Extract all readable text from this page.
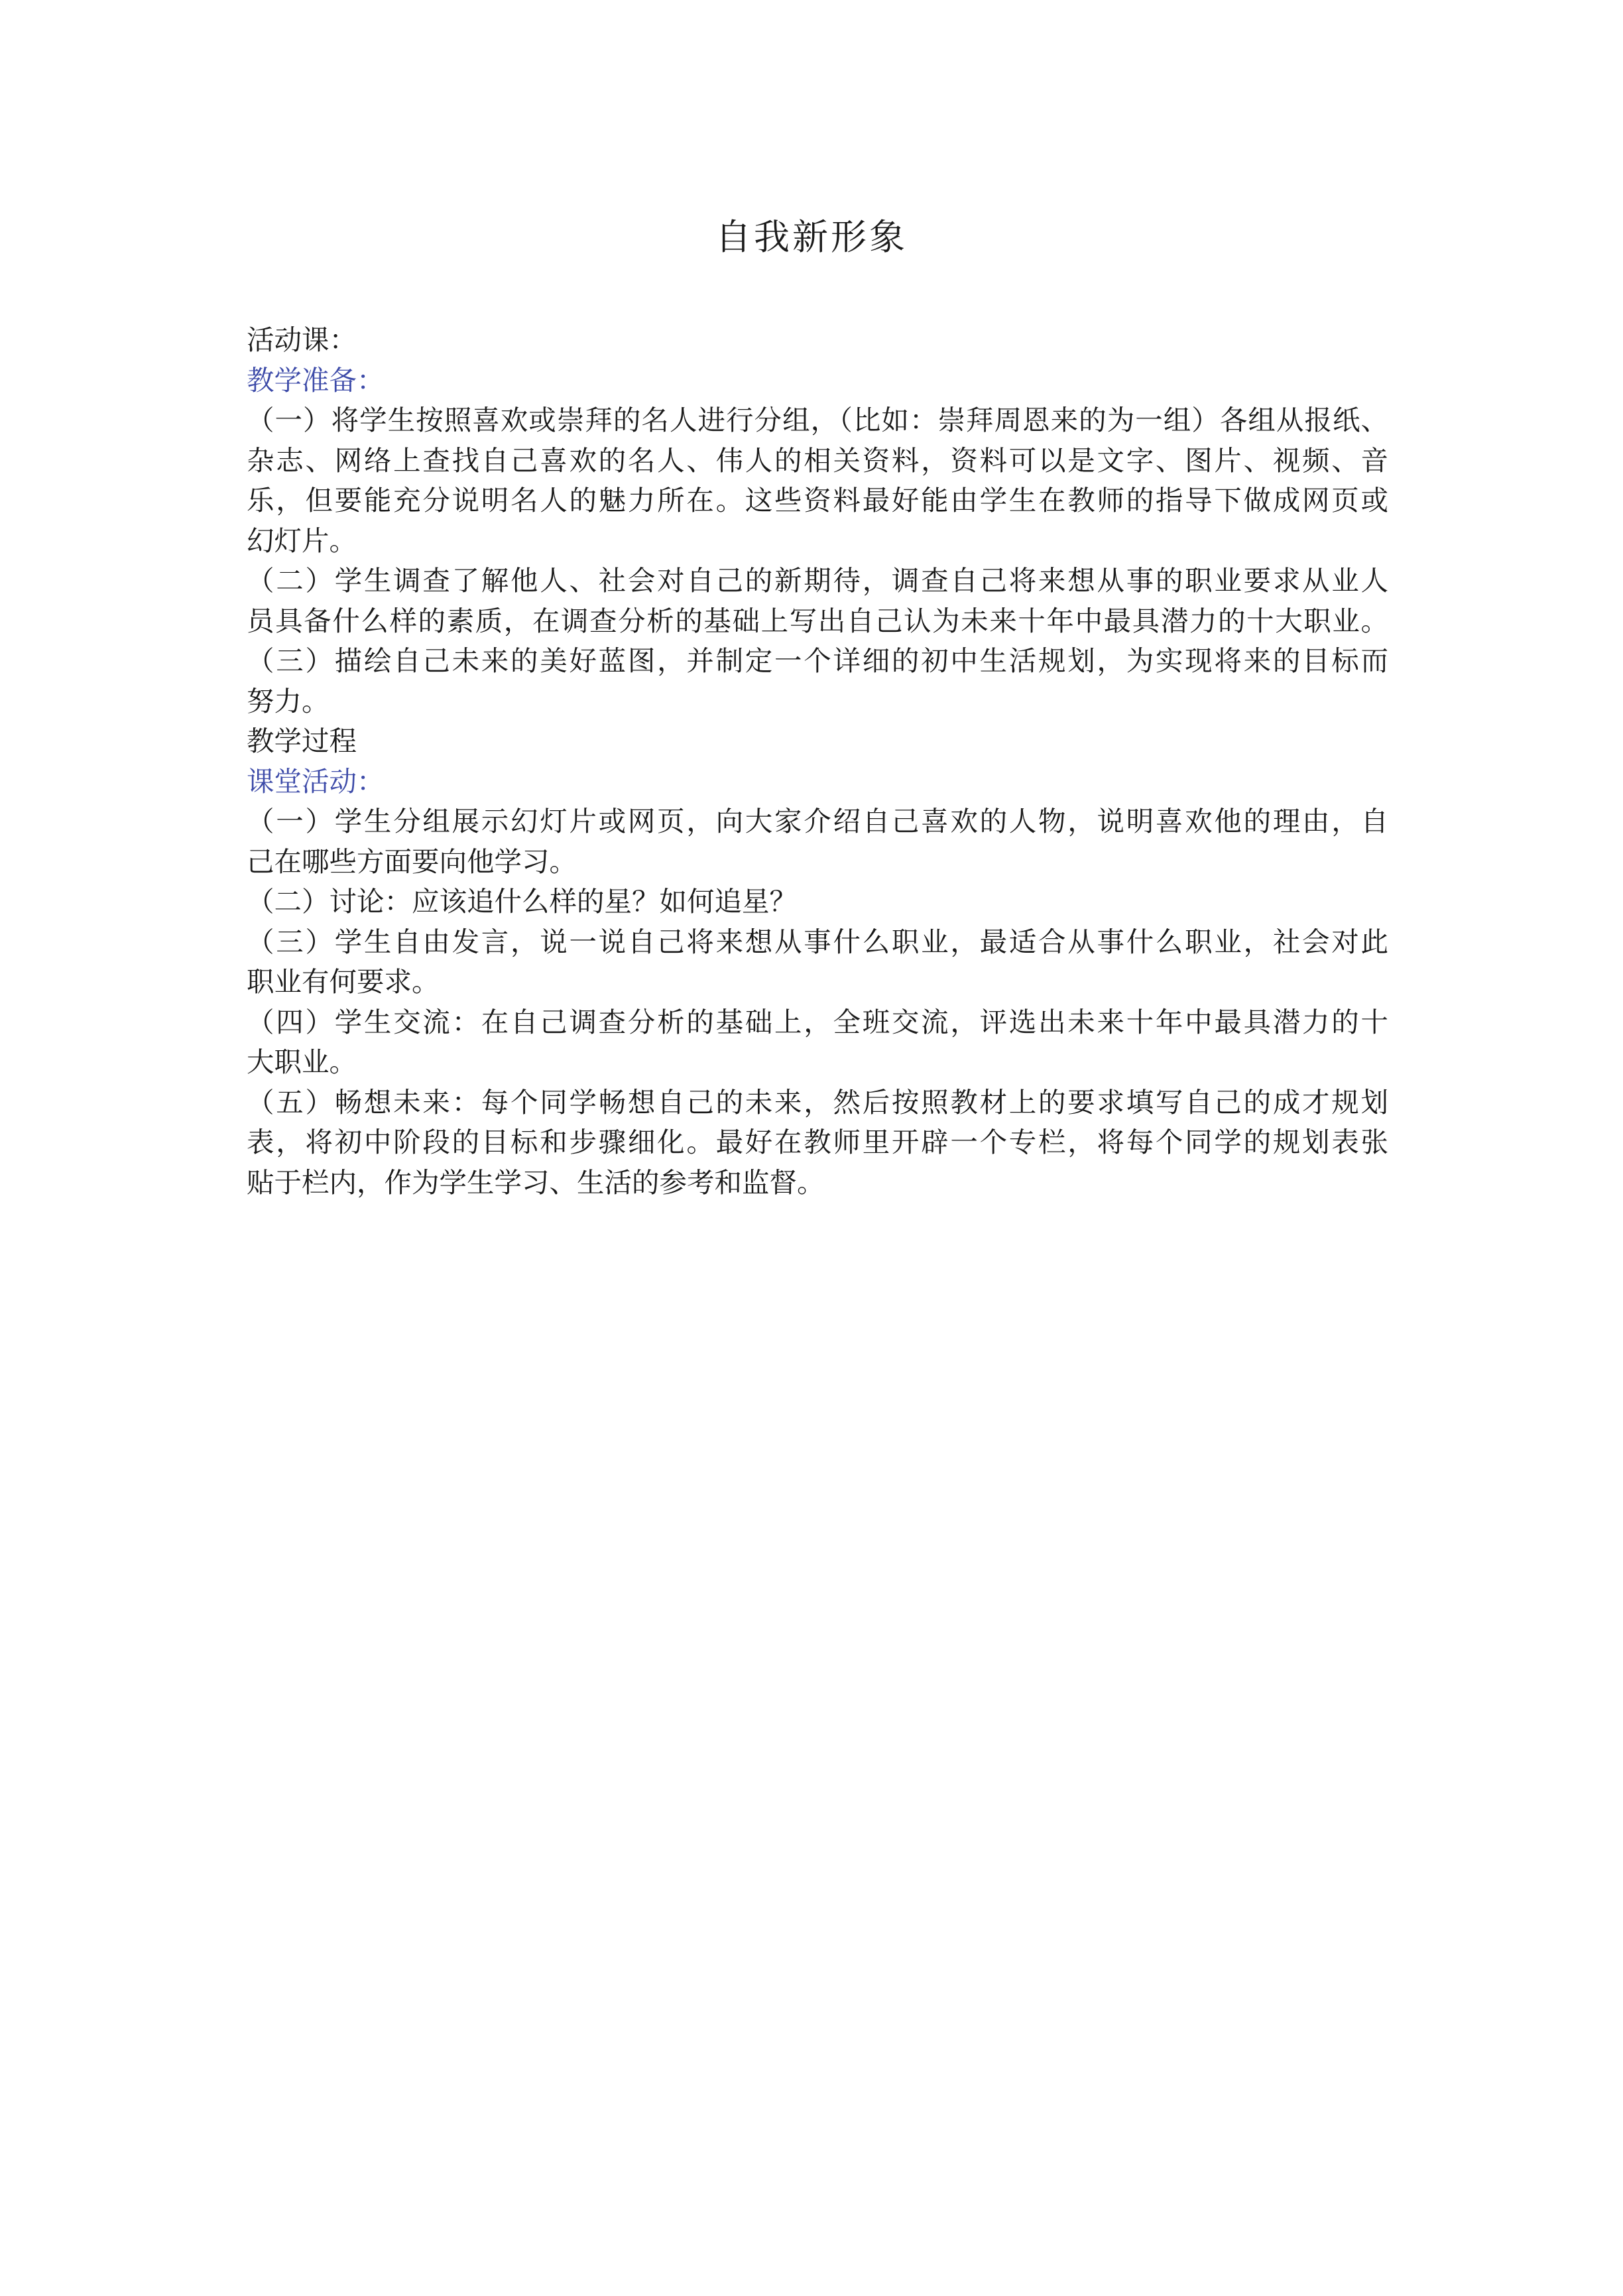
自我新形象
活动课：
教学准备：
（一）将学生按照喜欢或崇拜的名人进行分组，（比如：崇拜周恩来的为一组）各组从报纸、
杂志、网络上查找自己喜欢的名人、伟人的相关资料，资料可以是文字、图片、视频、音
乐，但要能充分说明名人的魅力所在。这些资料最好能由学生在教师的指导下做成网页或
幻灯片。
（二）学生调查了解他人、社会对自己的新期待，调查自己将来想从事的职业要求从业人
员具备什么样的素质，在调查分析的基础上写出自己认为未来十年中最具潜力的十大职业。
（三）描绘自己未来的美好蓝图，并制定一个详细的初中生活规划，为实现将来的目标而
努力。
教学过程
课堂活动：
（一）学生分组展示幻灯片或网页，向大家介绍自己喜欢的人物，说明喜欢他的理由，自
己在哪些方面要向他学习。
（二）讨论：应该追什么样的星？如何追星？
（三）学生自由发言，说一说自己将来想从事什么职业，最适合从事什么职业，社会对此
职业有何要求。
（四）学生交流：在自己调查分析的基础上，全班交流，评选出未来十年中最具潜力的十
大职业。
（五）畅想未来：每个同学畅想自己的未来，然后按照教材上的要求填写自己的成才规划
表，将初中阶段的目标和步骤细化。最好在教师里开辟一个专栏，将每个同学的规划表张
贴于栏内，作为学生学习、生活的参考和监督。
